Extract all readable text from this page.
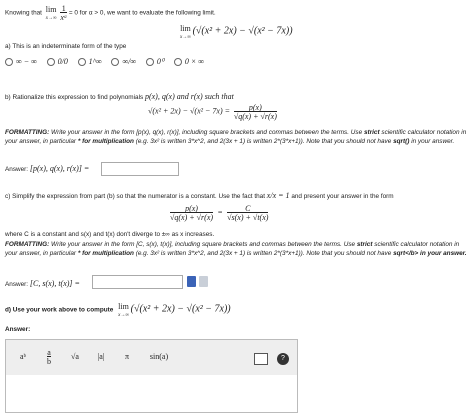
Knowing that lim
$x\to\infty \frac{1}{\text{xᵅ}} = 0$ for α > 0, we want to evaluate the following limit.
lim
x→∞ (√(x² + 2x) − √(x² − 7x))
a) This is an indeterminate form of the type
∞ − ∞	0/0	1^∞	∞/∞	0⁰	0 × ∞
b) Rationalize this expression to find polynomials p(x), q(x) and r(x) such that
$√(x^2 + 2x) - √(x^2 - 7x) = \frac{p(x)}{√q(x) + √r(x)}$
FORMATTING: Write your answer in the form [p(x), q(x), r(x)], including square brackets and commas between the terms. Use strict scientific calculator notation in your answer, in particular * for multiplication (e.g. 3x² is written 3*x^2, and 2(3x + 1) is written 2*(3*x+1)). Note that you should not have sqrt() in your answer.
Answer: [p(x), q(x), r(x)] =
c) Simplify the expression from part (b) so that the numerator is a constant. Use the fact that x/x = 1 and present your answer in the form
$\frac{p(x)}{√q(x) + √r(x)} = \frac{C}{√s(x) + √t(x)}$
where C is a constant and s(x) and t(x) don't diverge to ±∞ as x increases.
FORMATTING: Write your answer in the form [C, s(x), t(x)], including square brackets and commas between the terms. Use strict scientific calculator notation in your answer, in particular * for multiplication (e.g. 3x² is written 3*x^2, and 2(3x + 1) is written 2*(3*x+1)). Note that you should not have sqrt</b> in your answer.
Answer: [C, s(x), t(x)] =
d) Use your work above to compute lim
x→∞ (√(x² + 2x) − √(x² − 7x))
Answer:
aᵇ	a
b
√a	|a|	π	sin(a)	?
